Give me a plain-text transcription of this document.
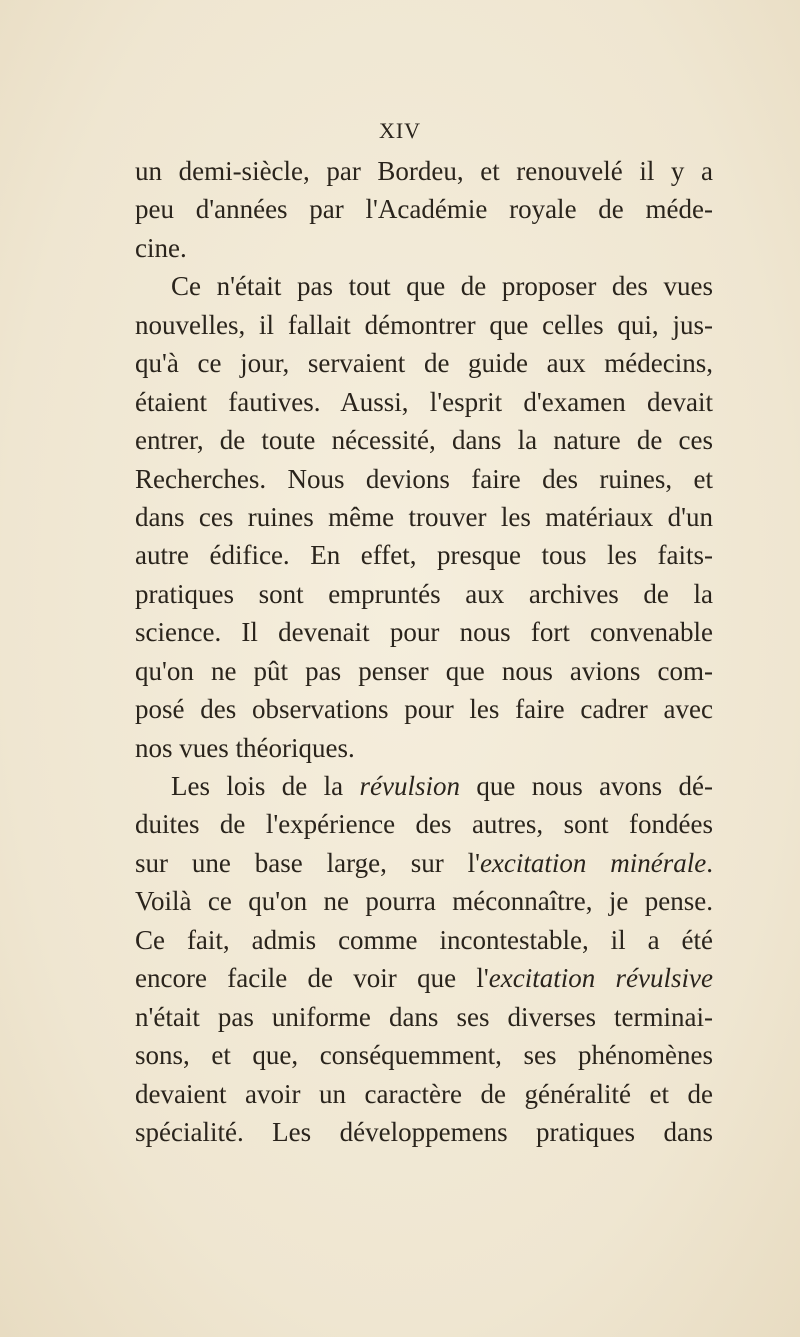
XIV
un demi-siècle, par Bordeu, et renouvelé il y a
peu d'années par l'Académie royale de méde-
cine.
Ce n'était pas tout que de proposer des vues
nouvelles, il fallait démontrer que celles qui, jus-
qu'à ce jour, servaient de guide aux médecins,
étaient fautives. Aussi, l'esprit d'examen devait
entrer, de toute nécessité, dans la nature de ces
Recherches. Nous devions faire des ruines, et
dans ces ruines même trouver les matériaux d'un
autre édifice. En effet, presque tous les faits-
pratiques sont empruntés aux archives de la
science. Il devenait pour nous fort convenable
qu'on ne pût pas penser que nous avions com-
posé des observations pour les faire cadrer avec
nos vues théoriques.
Les lois de la révulsion que nous avons dé-
duites de l'expérience des autres, sont fondées
sur une base large, sur l'excitation minérale.
Voilà ce qu'on ne pourra méconnaître, je pense.
Ce fait, admis comme incontestable, il a été
encore facile de voir que l'excitation révulsive
n'était pas uniforme dans ses diverses terminai-
sons, et que, conséquemment, ses phénomènes
devaient avoir un caractère de généralité et de
spécialité. Les développemens pratiques dans
